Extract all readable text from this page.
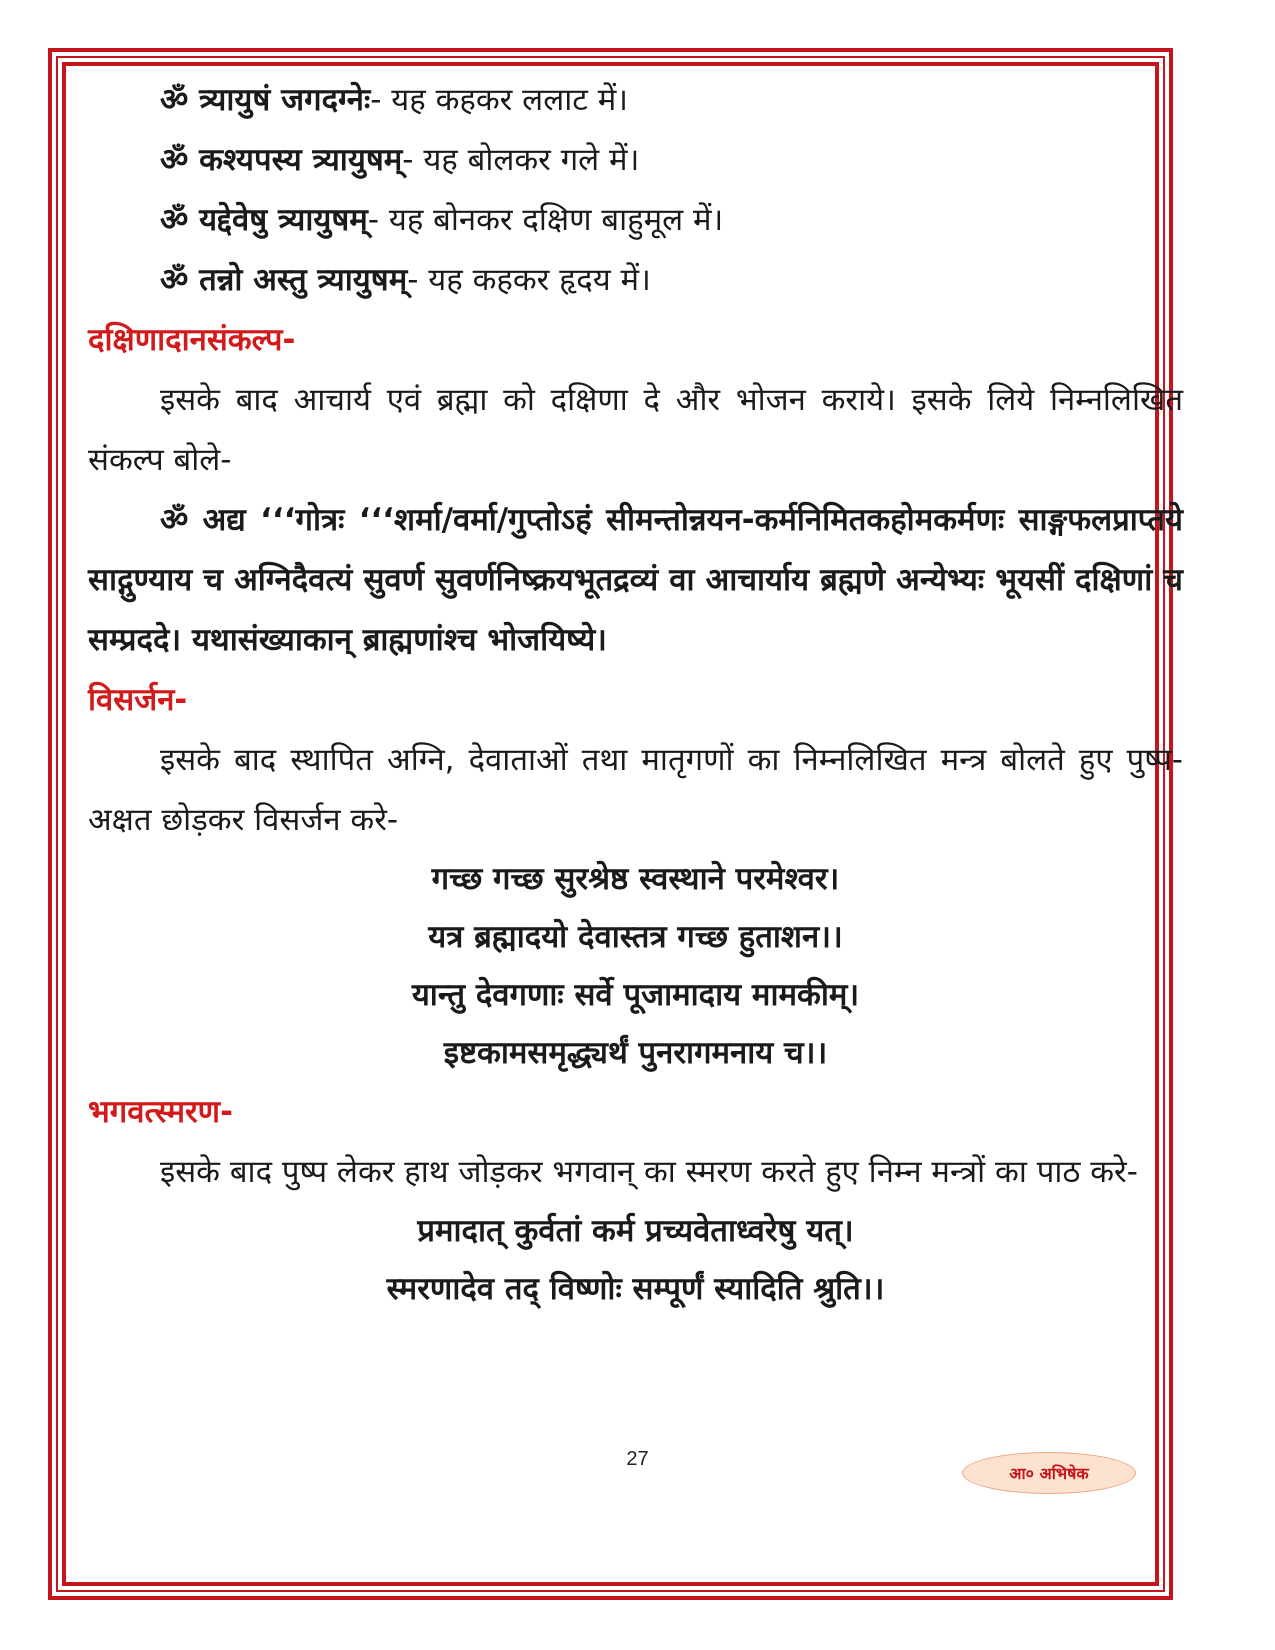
ॐ त्र्यायुषं जगदग्नेः- यह कहकर ललाट में।
ॐ कश्यपस्य त्र्यायुषम्- यह बोलकर गले में।
ॐ यद्देवेषु त्र्यायुषम्- यह बोनकर दक्षिण बाहुमूल में।
ॐ तन्नो अस्तु त्र्यायुषम्- यह कहकर हृदय में।
दक्षिणादानसंकल्प-
इसके बाद आचार्य एवं ब्रह्मा को दक्षिणा दे और भोजन कराये। इसके लिये निम्नलिखित संकल्प बोले-
ॐ अद्य ‘‘‘गोत्रः ‘‘‘शर्मा/वर्मा/गुप्तोऽहं सीमन्तोन्नयन-कर्मनिमितकहोमकर्मणः साङ्गफलप्राप्तये साद्गुण्याय च अग्निदैवत्यं सुवर्ण सुवर्णनिष्क्रयभूतद्रव्यं वा आचार्याय ब्रह्मणे अन्येभ्यः भूयसीं दक्षिणां च सम्प्रददे। यथासंख्याकान् ब्राह्मणांश्च भोजयिष्ये।
विसर्जन-
इसके बाद स्थापित अग्नि, देवाताओं तथा मातृगणों का निम्नलिखित मन्त्र बोलते हुए पुष्प-अक्षत छोड़कर विसर्जन करे-
गच्छ गच्छ सुरश्रेष्ठ स्वस्थाने परमेश्वर।
यत्र ब्रह्मादयो देवास्तत्र गच्छ हुताशन।।
यान्तु देवगणाः सर्वे पूजामादाय मामकीम्।
इष्टकामसमृद्ध्यर्थं पुनरागमनाय च।।
भगवत्स्मरण-
इसके बाद पुष्प लेकर हाथ जोड़कर भगवान् का स्मरण करते हुए निम्न मन्त्रों का पाठ करे-
प्रमादात् कुर्वतां कर्म प्रच्यवेताध्वरेषु यत्।
स्मरणादेव तद् विष्णोः सम्पूर्णं स्यादिति श्रुति।।
27
आ० अभिषेक
